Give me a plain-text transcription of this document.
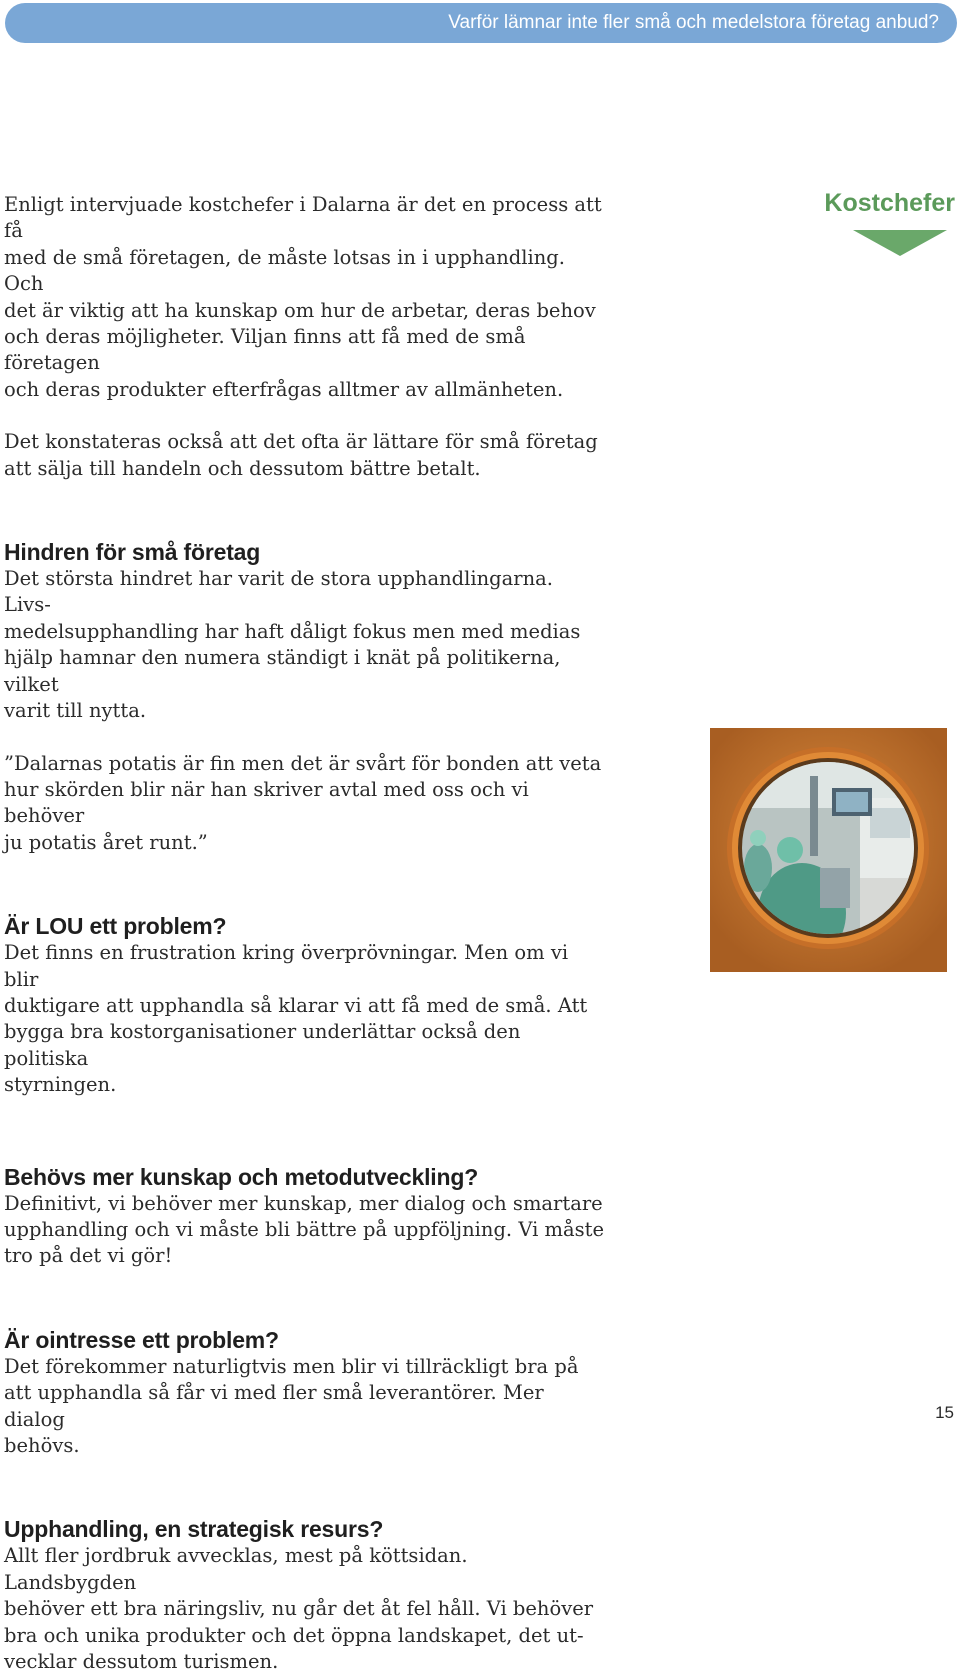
Varför lämnar inte fler små och medelstora företag anbud?
Kostchefer

Enligt intervjuade kostchefer i Dalarna är det en process att få
med de små företagen, de måste lotsas in i upphandling. Och
det är viktig att ha kunskap om hur de arbetar, deras behov
och deras möjligheter. Viljan finns att få med de små företagen
och deras produkter efterfrågas alltmer av allmänheten.

Det konstateras också att det ofta är lättare för små företag
att sälja till handeln och dessutom bättre betalt.

Hindren för små företag

Det största hindret har varit de stora upphandlingarna. Livs-
medelsupphandling har haft dåligt fokus men med medias
hjälp hamnar den numera ständigt i knät på politikerna, vilket
varit till nytta.

”Dalarnas potatis är fin men det är svårt för bonden att veta
hur skörden blir när han skriver avtal med oss och vi behöver
ju potatis året runt.”

Är LOU ett problem?

Det finns en frustration kring överprövningar. Men om vi blir
duktigare att upphandla så klarar vi att få med de små. Att
bygga bra kostorganisationer underlättar också den politiska
styrningen.

Behövs mer kunskap och metodutveckling?

Definitivt, vi behöver mer kunskap, mer dialog och smartare
upphandling och vi måste bli bättre på uppföljning. Vi måste
tro på det vi gör!

Är ointresse ett problem?

Det förekommer naturligtvis men blir vi tillräckligt bra på
att upphandla så får vi med fler små leverantörer. Mer dialog
behövs.

Upphandling, en strategisk resurs?

Allt fler jordbruk avvecklas, mest på köttsidan. Landsbygden
behöver ett bra näringsliv, nu går det åt fel håll. Vi behöver
bra och unika produkter och det öppna landskapet, det ut-
vecklar dessutom turismen.

15
